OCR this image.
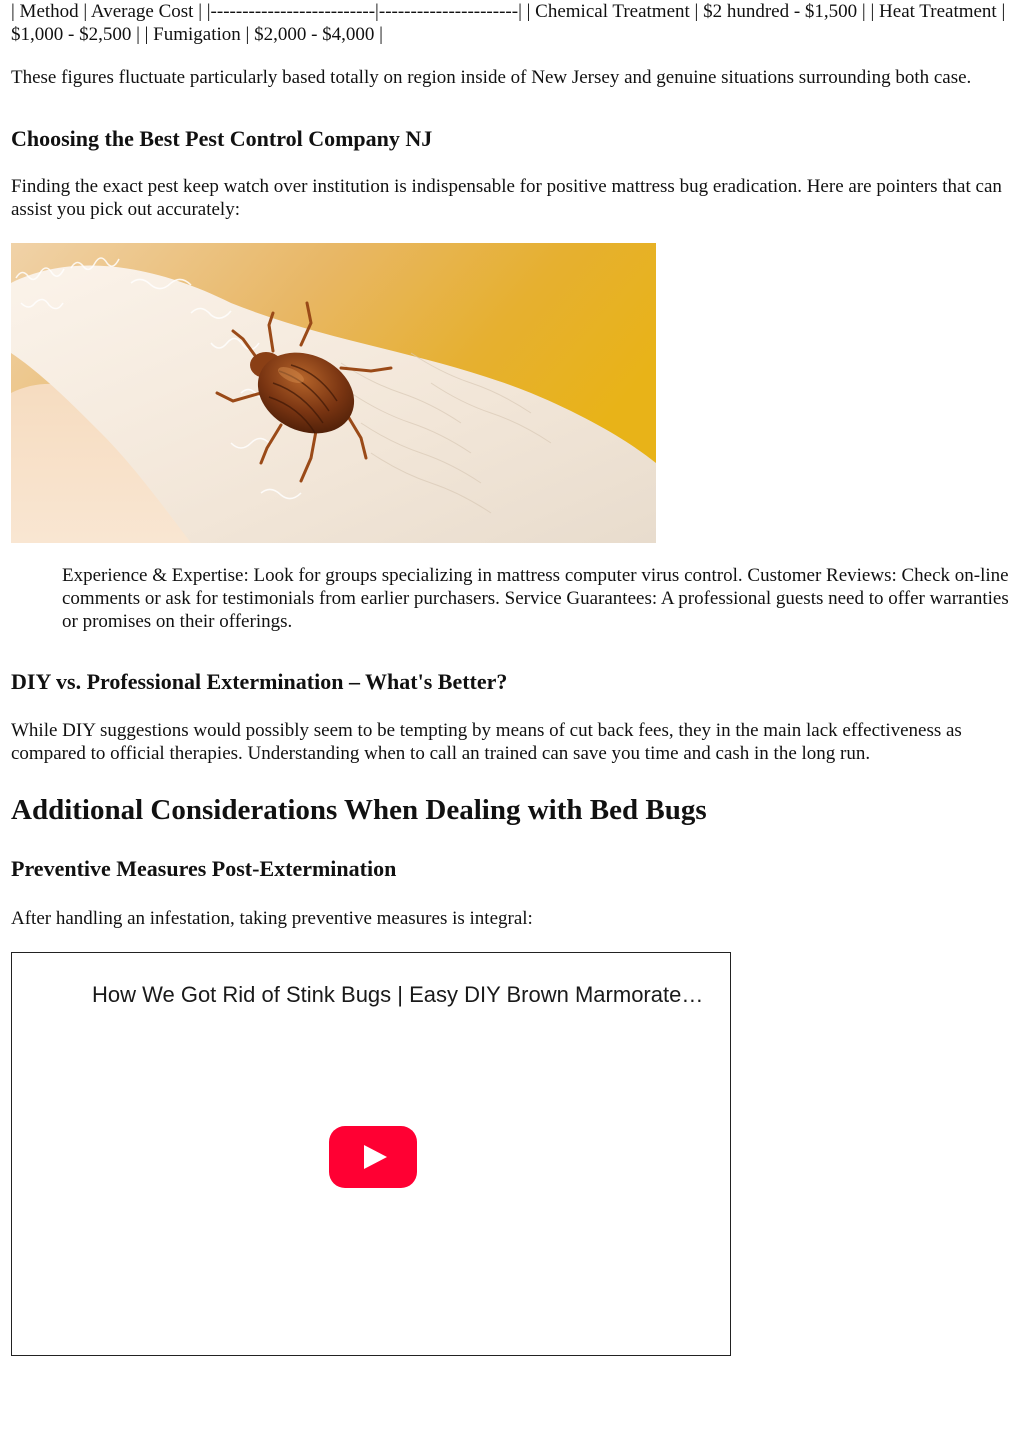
| Method | Average Cost | |--------------------------|----------------------| | Chemical Treatment | $2 hundred - $1,500 | | Heat Treatment | $1,000 - $2,500 | | Fumigation | $2,000 - $4,000 |

These figures fluctuate particularly based totally on region inside of New Jersey and genuine situations surrounding both case.

Choosing the Best Pest Control Company NJ

Finding the exact pest keep watch over institution is indispensable for positive mattress bug eradication. Here are pointers that can assist you pick out accurately:

Experience & Expertise: Look for groups specializing in mattress computer virus control. Customer Reviews: Check on-line comments or ask for testimonials from earlier purchasers. Service Guarantees: A professional guests need to offer warranties or promises on their offerings.

DIY vs. Professional Extermination – What's Better?

While DIY suggestions would possibly seem to be tempting by means of cut back fees, they in the main lack effectiveness as compared to official therapies. Understanding when to call an trained can save you time and cash in the long run.

Additional Considerations When Dealing with Bed Bugs
Preventive Measures Post-Extermination

After handling an infestation, taking preventive measures is integral:

How We Got Rid of Stink Bugs | Easy DIY Brown Marmorate…
